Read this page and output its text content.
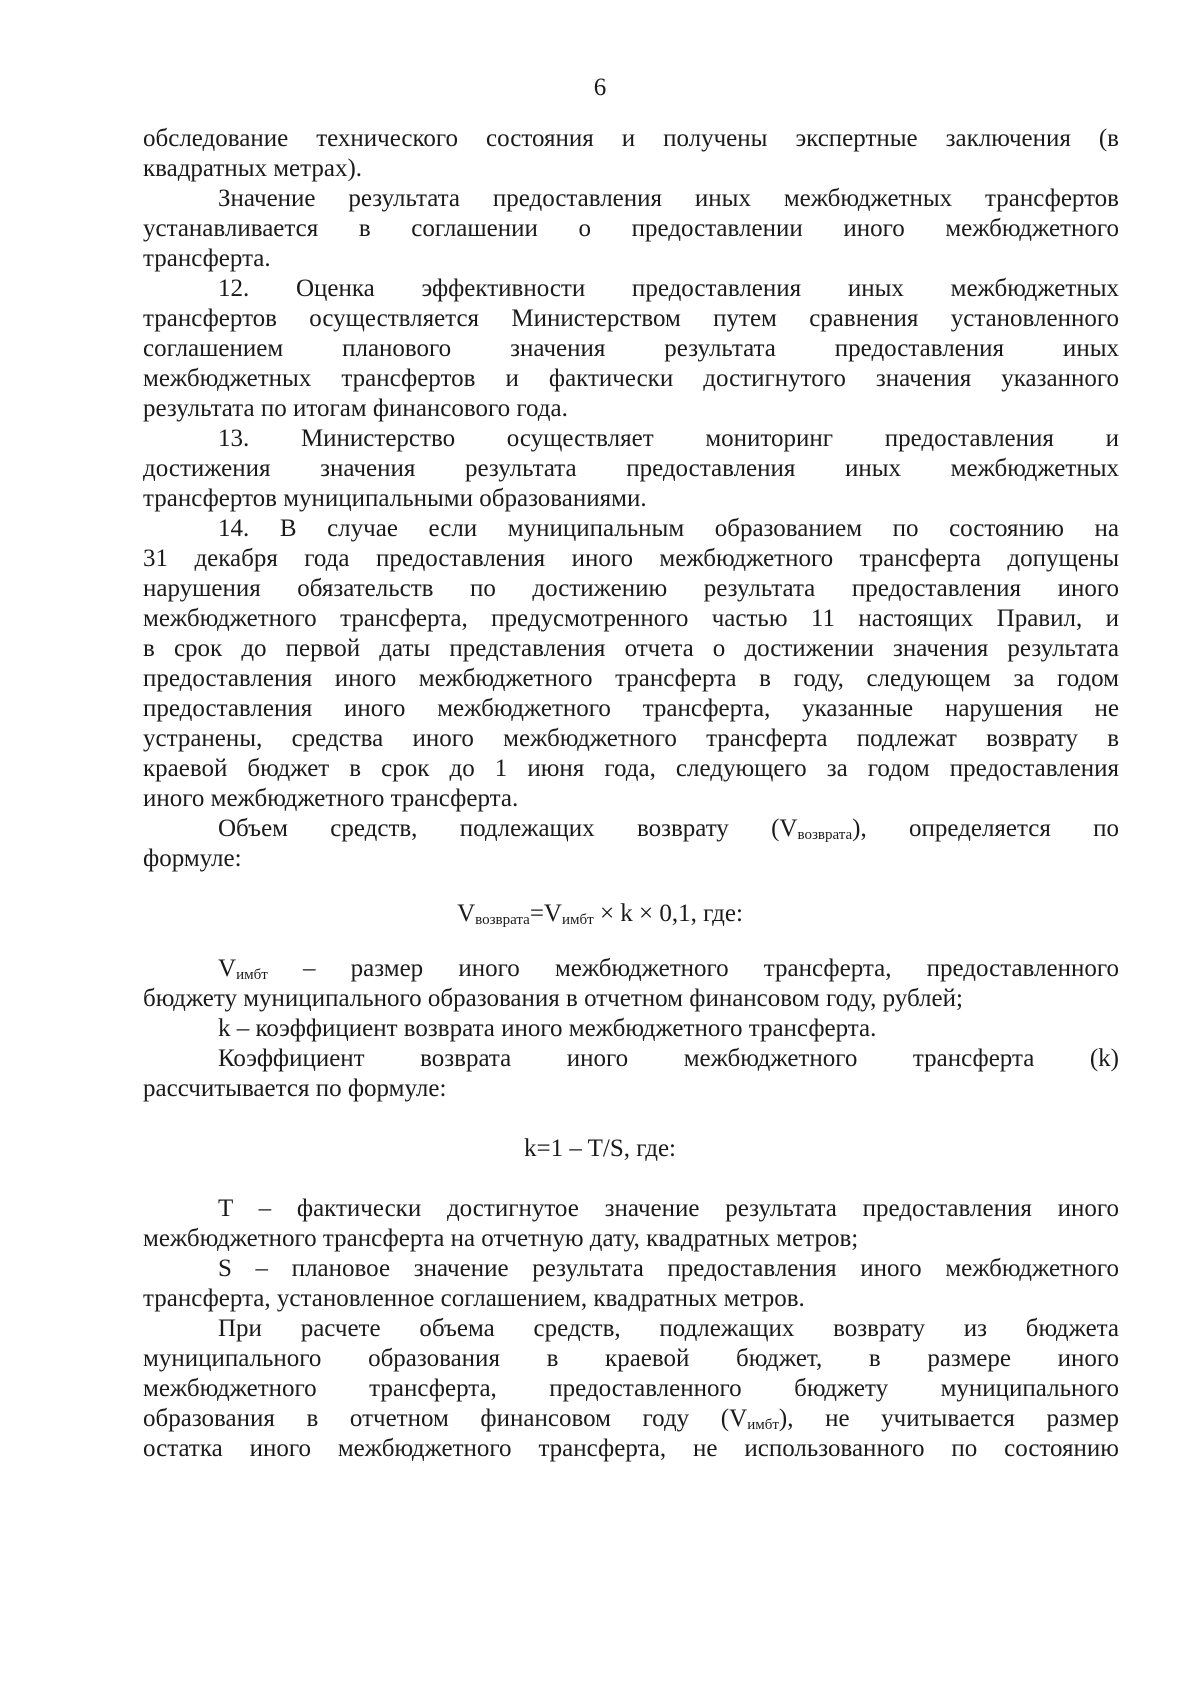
6
обследование технического состояния и получены экспертные заключения (в
квадратных метрах).
Значение результата предоставления иных межбюджетных трансфертов
устанавливается в соглашении о предоставлении иного межбюджетного
трансферта.
12. Оценка эффективности предоставления иных межбюджетных
трансфертов осуществляется Министерством путем сравнения установленного
соглашением планового значения результата предоставления иных
межбюджетных трансфертов и фактически достигнутого значения указанного
результата по итогам финансового года.
13. Министерство осуществляет мониторинг предоставления и
достижения значения результата предоставления иных межбюджетных
трансфертов муниципальными образованиями.
14. В случае если муниципальным образованием по состоянию на
31 декабря года предоставления иного межбюджетного трансферта допущены
нарушения обязательств по достижению результата предоставления иного
межбюджетного трансферта, предусмотренного частью 11 настоящих Правил, и
в срок до первой даты представления отчета о достижении значения результата
предоставления иного межбюджетного трансферта в году, следующем за годом
предоставления иного межбюджетного трансферта, указанные нарушения не
устранены, средства иного межбюджетного трансферта подлежат возврату в
краевой бюджет в срок до 1 июня года, следующего за годом предоставления
иного межбюджетного трансферта.
Объем средств, подлежащих возврату $(V_{возврата})$, определяется по
формуле:
$V_{возврата}=V_{имбт} \times k \times 0,1$, где:
$V_{имбт}$ – размер иного межбюджетного трансферта, предоставленного
бюджету муниципального образования в отчетном финансовом году, рублей;
k – коэффициент возврата иного межбюджетного трансферта.
Коэффициент возврата иного межбюджетного трансферта (k)
рассчитывается по формуле:
k=1 – T/S, где:
T – фактически достигнутое значение результата предоставления иного
межбюджетного трансферта на отчетную дату, квадратных метров;
S – плановое значение результата предоставления иного межбюджетного
трансферта, установленное соглашением, квадратных метров.
При расчете объема средств, подлежащих возврату из бюджета
муниципального образования в краевой бюджет, в размере иного
межбюджетного трансферта, предоставленного бюджету муниципального
образования в отчетном финансовом году $(V_{имбт})$, не учитывается размер
остатка иного межбюджетного трансферта, не использованного по состоянию
